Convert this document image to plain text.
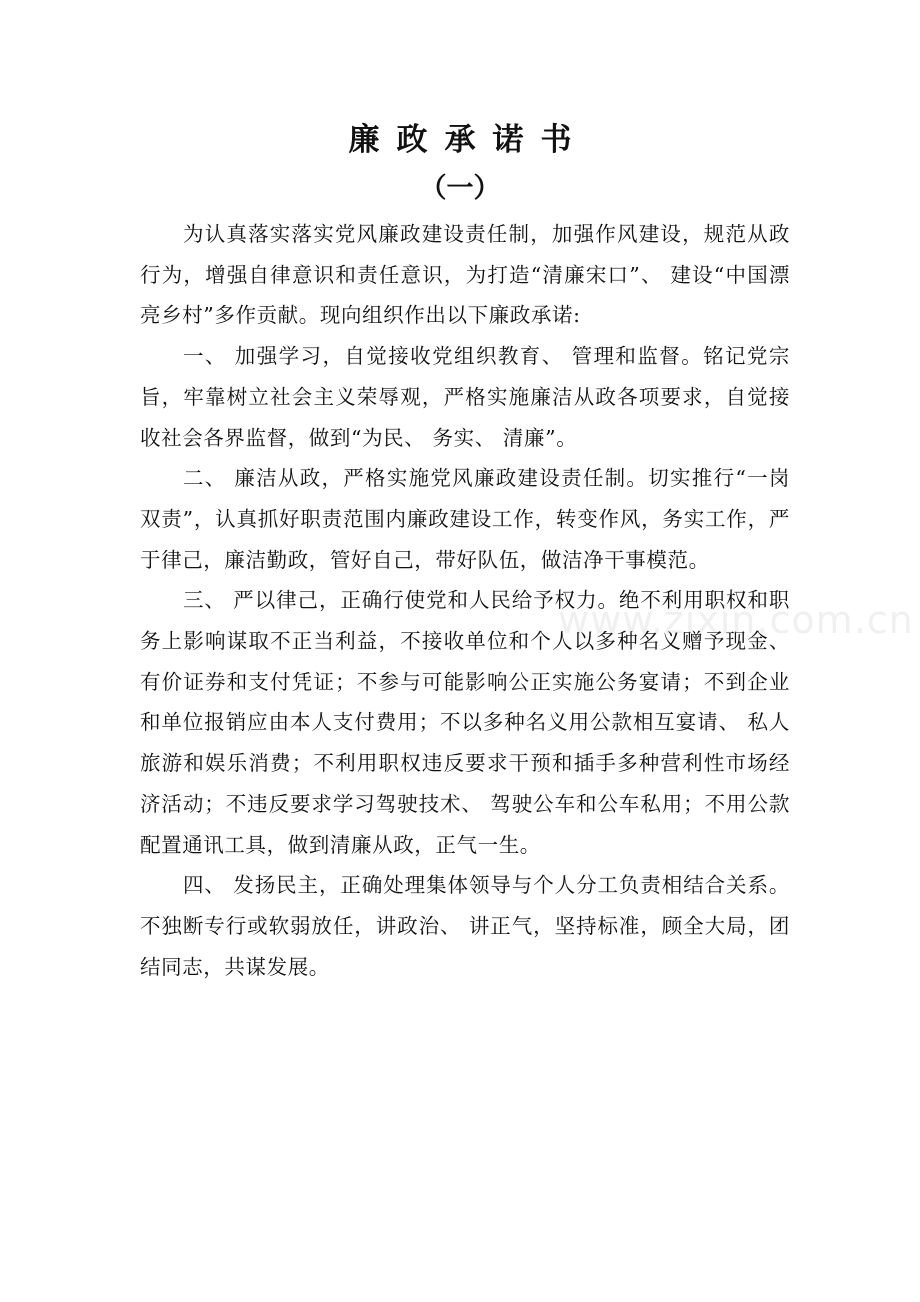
廉政承诺书
（一）

为认真落实落实党风廉政建设责任制，加强作风建设，规范从政行为，增强自律意识和责任意识，为打造“清廉宋口”、 建设“中国漂亮乡村”多作贡献。现向组织作出以下廉政承诺:

一、 加强学习，自觉接收党组织教育、 管理和监督。铭记党宗旨，牢靠树立社会主义荣辱观，严格实施廉洁从政各项要求，自觉接收社会各界监督，做到“为民、 务实、 清廉”。

二、 廉洁从政，严格实施党风廉政建设责任制。切实推行“一岗双责”，认真抓好职责范围内廉政建设工作，转变作风，务实工作，严于律己，廉洁勤政，管好自己，带好队伍，做洁净干事模范。

三、 严以律己，正确行使党和人民给予权力。绝不利用职权和职务上影响谋取不正当利益，不接收单位和个人以多种名义赠予现金、 有价证券和支付凭证；不参与可能影响公正实施公务宴请；不到企业和单位报销应由本人支付费用；不以多种名义用公款相互宴请、 私人旅游和娱乐消费；不利用职权违反要求干预和插手多种营利性市场经济活动；不违反要求学习驾驶技术、 驾驶公车和公车私用；不用公款配置通讯工具，做到清廉从政，正气一生。

四、 发扬民主，正确处理集体领导与个人分工负责相结合关系。不独断专行或软弱放任，讲政治、 讲正气，坚持标准，顾全大局，团结同志，共谋发展。

www.zixin.com.cn
